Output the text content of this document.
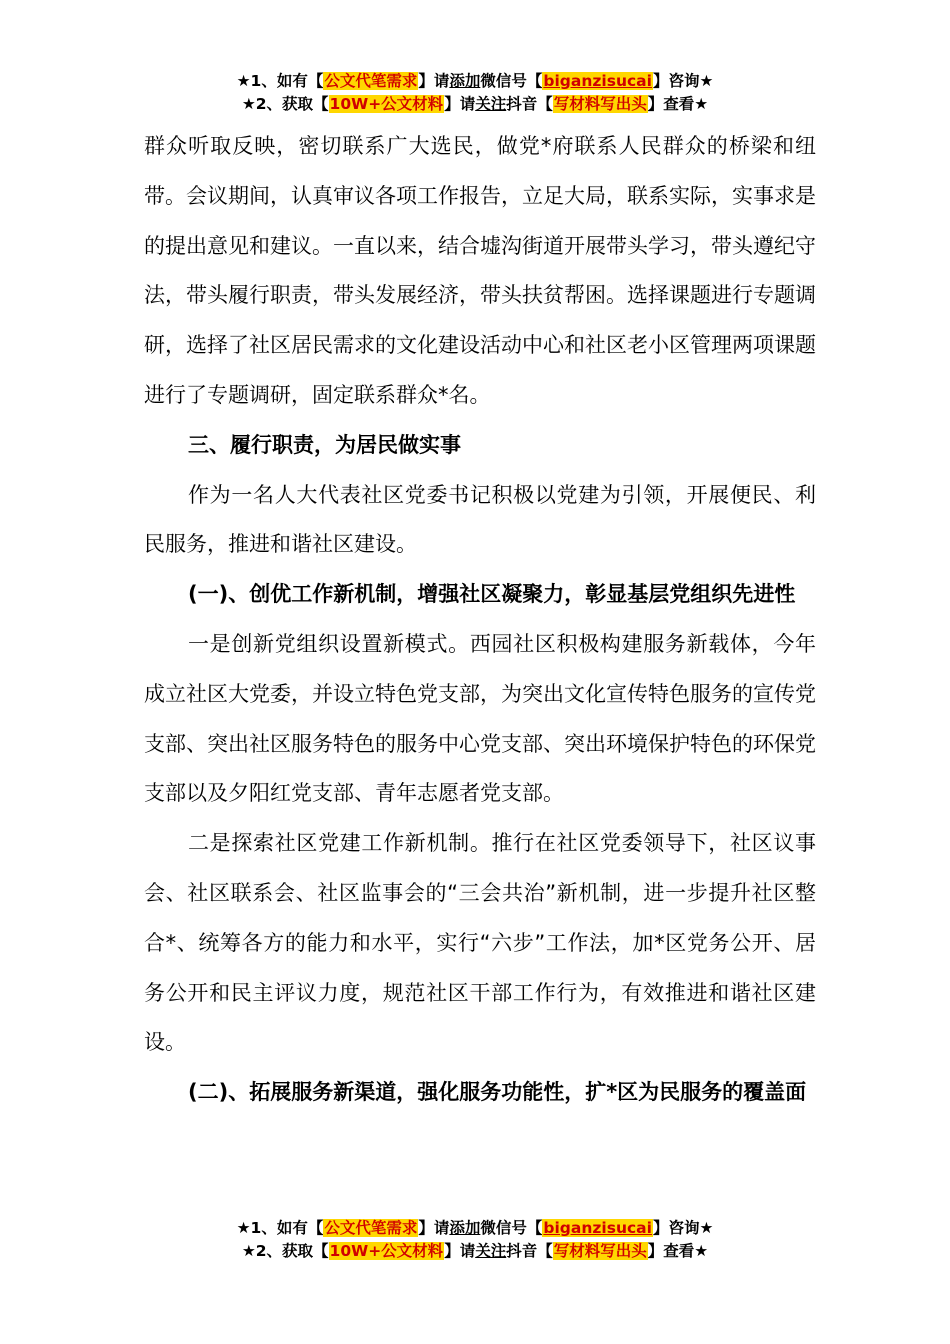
★1、如有【公文代笔需求】请添加微信号【biganzisucai】咨询★
★2、获取【10W+公文材料】请关注抖音【写材料写出头】查看★

群众听取反映，密切联系广大选民，做党*府联系人民群众的桥梁和纽带。会议期间，认真审议各项工作报告，立足大局，联系实际，实事求是的提出意见和建议。一直以来，结合墟沟街道开展带头学习，带头遵纪守法，带头履行职责，带头发展经济，带头扶贫帮困。选择课题进行专题调研，选择了社区居民需求的文化建设活动中心和社区老小区管理两项课题进行了专题调研，固定联系群众*名。

三、履行职责，为居民做实事

作为一名人大代表社区党委书记积极以党建为引领，开展便民、利民服务，推进和谐社区建设。

(一)、创优工作新机制，增强社区凝聚力，彰显基层党组织先进性

一是创新党组织设置新模式。西园社区积极构建服务新载体，今年成立社区大党委，并设立特色党支部，为突出文化宣传特色服务的宣传党支部、突出社区服务特色的服务中心党支部、突出环境保护特色的环保党支部以及夕阳红党支部、青年志愿者党支部。

二是探索社区党建工作新机制。推行在社区党委领导下，社区议事会、社区联系会、社区监事会的“三会共治”新机制，进一步提升社区整合*、统筹各方的能力和水平，实行“六步”工作法，加*区党务公开、居务公开和民主评议力度，规范社区干部工作行为，有效推进和谐社区建设。

(二)、拓展服务新渠道，强化服务功能性，扩*区为民服务的覆盖面

★1、如有【公文代笔需求】请添加微信号【biganzisucai】咨询★
★2、获取【10W+公文材料】请关注抖音【写材料写出头】查看★
